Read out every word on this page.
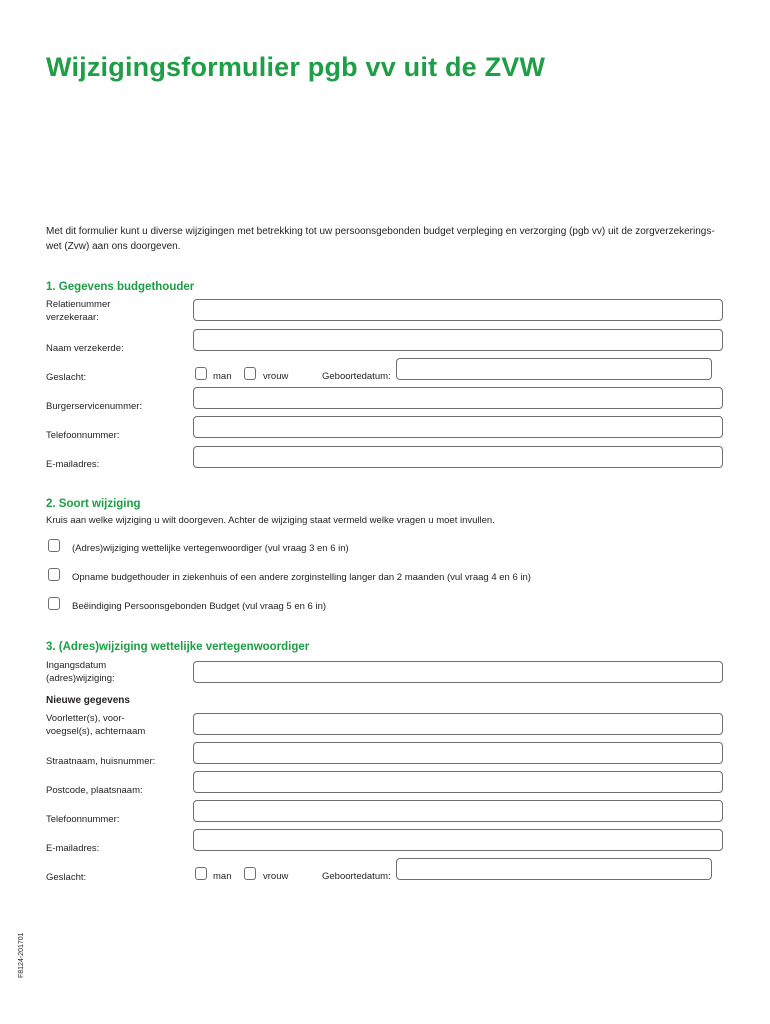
Wijzigingsformulier pgb vv uit de ZVW
Met dit formulier kunt u diverse wijzigingen met betrekking tot uw persoonsgebonden budget verpleging en verzorging (pgb vv) uit de zorgverzekerings-wet (Zvw) aan ons doorgeven.
1. Gegevens budgethouder
Relatienummer
verzekeraar:
Naam verzekerde:
Geslacht:	man	vrouw	Geboortedatum:
Burgerservicenummer:
Telefoonnummer:
E-mailadres:
2. Soort wijziging
Kruis aan welke wijziging u wilt doorgeven. Achter de wijziging staat vermeld welke vragen u moet invullen.
(Adres)wijziging wettelijke vertegenwoordiger (vul vraag 3 en 6 in)
Opname budgethouder in ziekenhuis of een andere zorginstelling langer dan 2 maanden (vul vraag 4 en 6 in)
Beëindiging Persoonsgebonden Budget (vul vraag 5 en 6 in)
3. (Adres)wijziging wettelijke vertegenwoordiger
Ingangsdatum
(adres)wijziging:
Nieuwe gegevens
Voorletter(s), voor-
voegsel(s), achternaam
Straatnaam, huisnummer:
Postcode, plaatsnaam:
Telefoonnummer:
E-mailadres:
Geslacht:	man	vrouw	Geboortedatum:
F8124-201701
